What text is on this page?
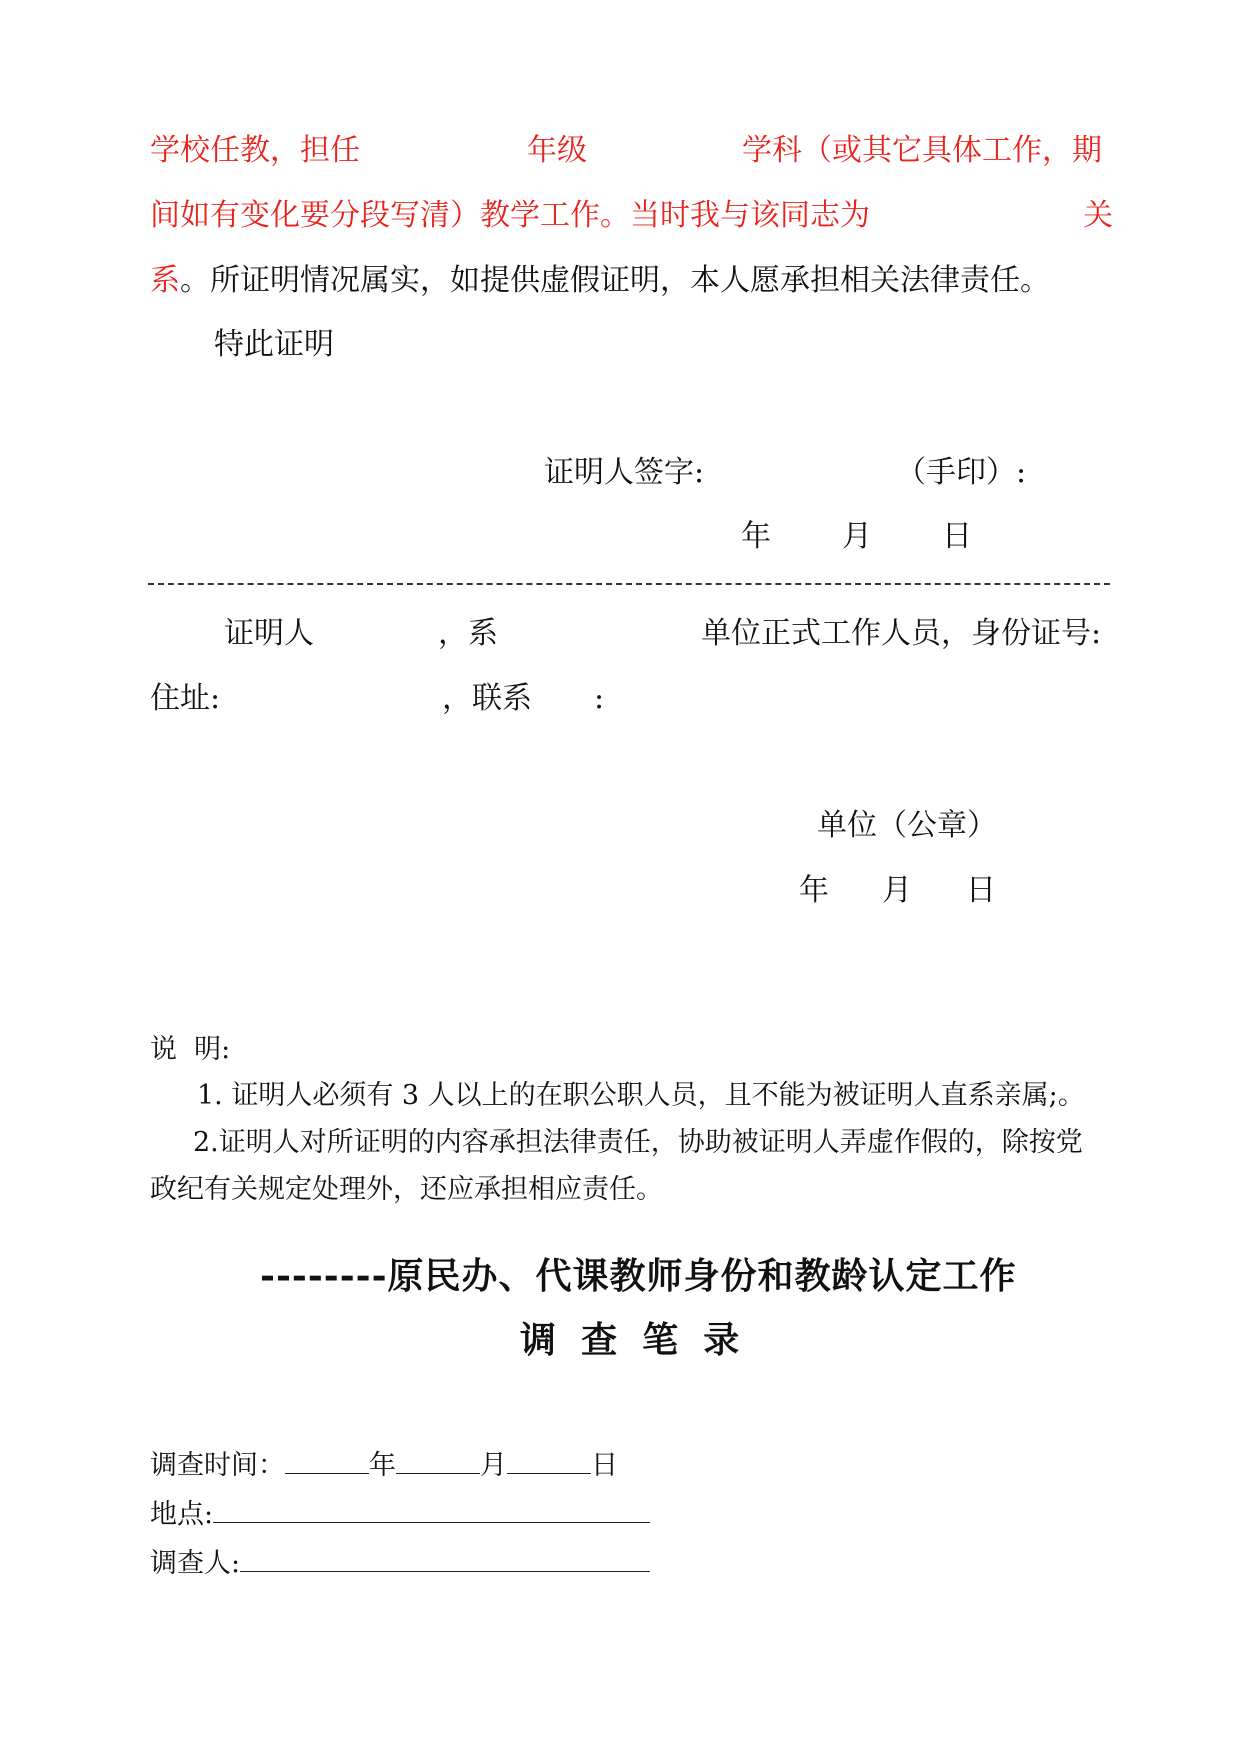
学校任教，担任	年级	学科（或其它具体工作，期
间如有变化要分段写清）教学工作。当时我与该同志为	关
系。所证明情况属实，如提供虚假证明，本人愿承担相关法律责任。
特此证明
证明人签字:	（手印）:
年 月 日
证明人	，系	单位正式工作人员，身份证号:
住址:	，联系 :
单位（公章）
年 月 日
说  明:
1. 证明人必须有 3 人以上的在职公职人员，且不能为被证明人直系亲属;。
2.证明人对所证明的内容承担法律责任，协助被证明人弄虚作假的，除按党
政纪有关规定处理外，还应承担相应责任。
--------原民办、代课教师身份和教龄认定工作
调  查  笔  录
调查时间：	年	月	日
地点:
调查人:
